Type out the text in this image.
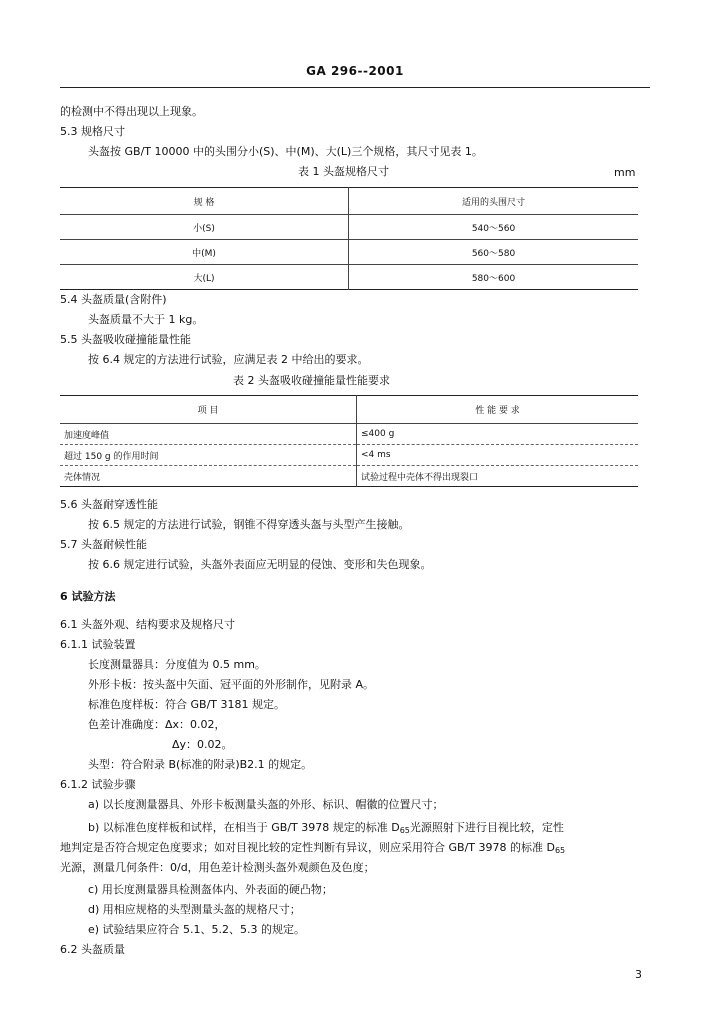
GA 296--2001
的检测中不得出现以上现象。
5.3 规格尺寸
头盔按 GB/T 10000 中的头围分小(S)、中(M)、大(L)三个规格，其尺寸见表 1。
表 1 头盔规格尺寸	mm
规 格	适用的头围尺寸
小(S)	540～560
中(M)	560～580
大(L)	580～600
5.4 头盔质量(含附件)
头盔质量不大于 1 kg。
5.5 头盔吸收碰撞能量性能
按 6.4 规定的方法进行试验，应满足表 2 中给出的要求。
表 2 头盔吸收碰撞能量性能要求
项 目	性 能 要 求
加速度峰值	≤400 g
超过 150 g 的作用时间	<4 ms
壳体情况	试验过程中壳体不得出现裂口
5.6 头盔耐穿透性能
按 6.5 规定的方法进行试验，钢锥不得穿透头盔与头型产生接触。
5.7 头盔耐候性能
按 6.6 规定进行试验，头盔外表面应无明显的侵蚀、变形和失色现象。
6 试验方法
6.1 头盔外观、结构要求及规格尺寸
6.1.1 试验装置
长度测量器具：分度值为 0.5 mm。
外形卡板：按头盔中矢面、冠平面的外形制作，见附录 A。
标准色度样板：符合 GB/T 3181 规定。
色差计准确度：Δx：0.02，
Δy：0.02。
头型：符合附录 B(标准的附录)B2.1 的规定。
6.1.2 试验步骤
a) 以长度测量器具、外形卡板测量头盔的外形、标识、帽徽的位置尺寸；
b) 以标准色度样板和试样，在相当于 GB/T 3978 规定的标准 $D_{65}$光源照射下进行目视比较，定性
地判定是否符合规定色度要求；如对目视比较的定性判断有异议，则应采用符合 GB/T 3978 的标准 $D_{65}$
光源，测量几何条件：0/d，用色差计检测头盔外观颜色及色度；
c) 用长度测量器具检测盔体内、外表面的硬凸物；
d) 用相应规格的头型测量头盔的规格尺寸；
e) 试验结果应符合 5.1、5.2、5.3 的规定。
6.2 头盔质量
3
